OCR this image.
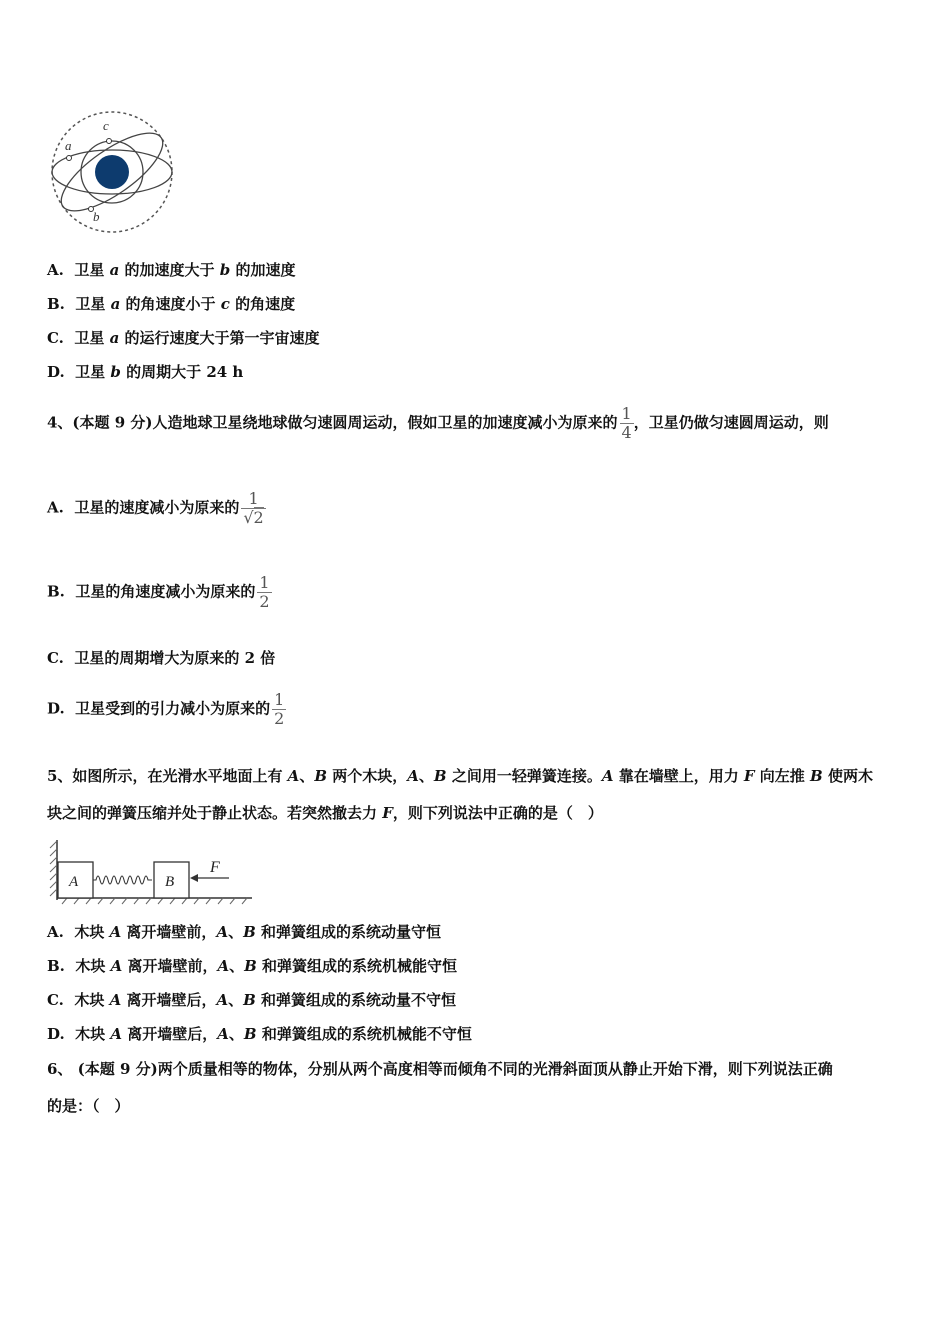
a
c
b
A. 卫星 a 的加速度大于 b 的加速度
B. 卫星 a 的角速度小于 c 的角速度
C. 卫星 a 的运行速度大于第一宇宙速度
D. 卫星 b 的周期大于 24 h
4、(本题 9 分)人造地球卫星绕地球做匀速圆周运动，假如卫星的加速度减小为原来的 $\frac{1}{4}$ ，卫星仍做匀速圆周运动，则
A. 卫星的速度减小为原来的 $\frac{1}{√2}$
B. 卫星的角速度减小为原来的 $\frac{1}{2}$
C. 卫星的周期增大为原来的 2 倍
D. 卫星受到的引力减小为原来的 $\frac{1}{2}$
5、如图所示，在光滑水平地面上有 A、B 两个木块，A、B 之间用一轻弹簧连接。A 靠在墙壁上，用力 F 向左推 B 使两木
块之间的弹簧压缩并处于静止状态。若突然撤去力 F，则下列说法中正确的是（　）
A	B
F
A. 木块 A 离开墙壁前，A、B 和弹簧组成的系统动量守恒
B. 木块 A 离开墙壁前，A、B 和弹簧组成的系统机械能守恒
C. 木块 A 离开墙壁后，A、B 和弹簧组成的系统动量不守恒
D. 木块 A 离开墙壁后，A、B 和弹簧组成的系统机械能不守恒
6、 (本题 9 分)两个质量相等的物体，分别从两个高度相等而倾角不同的光滑斜面顶从静止开始下滑，则下列说法正确
的是：（　）
